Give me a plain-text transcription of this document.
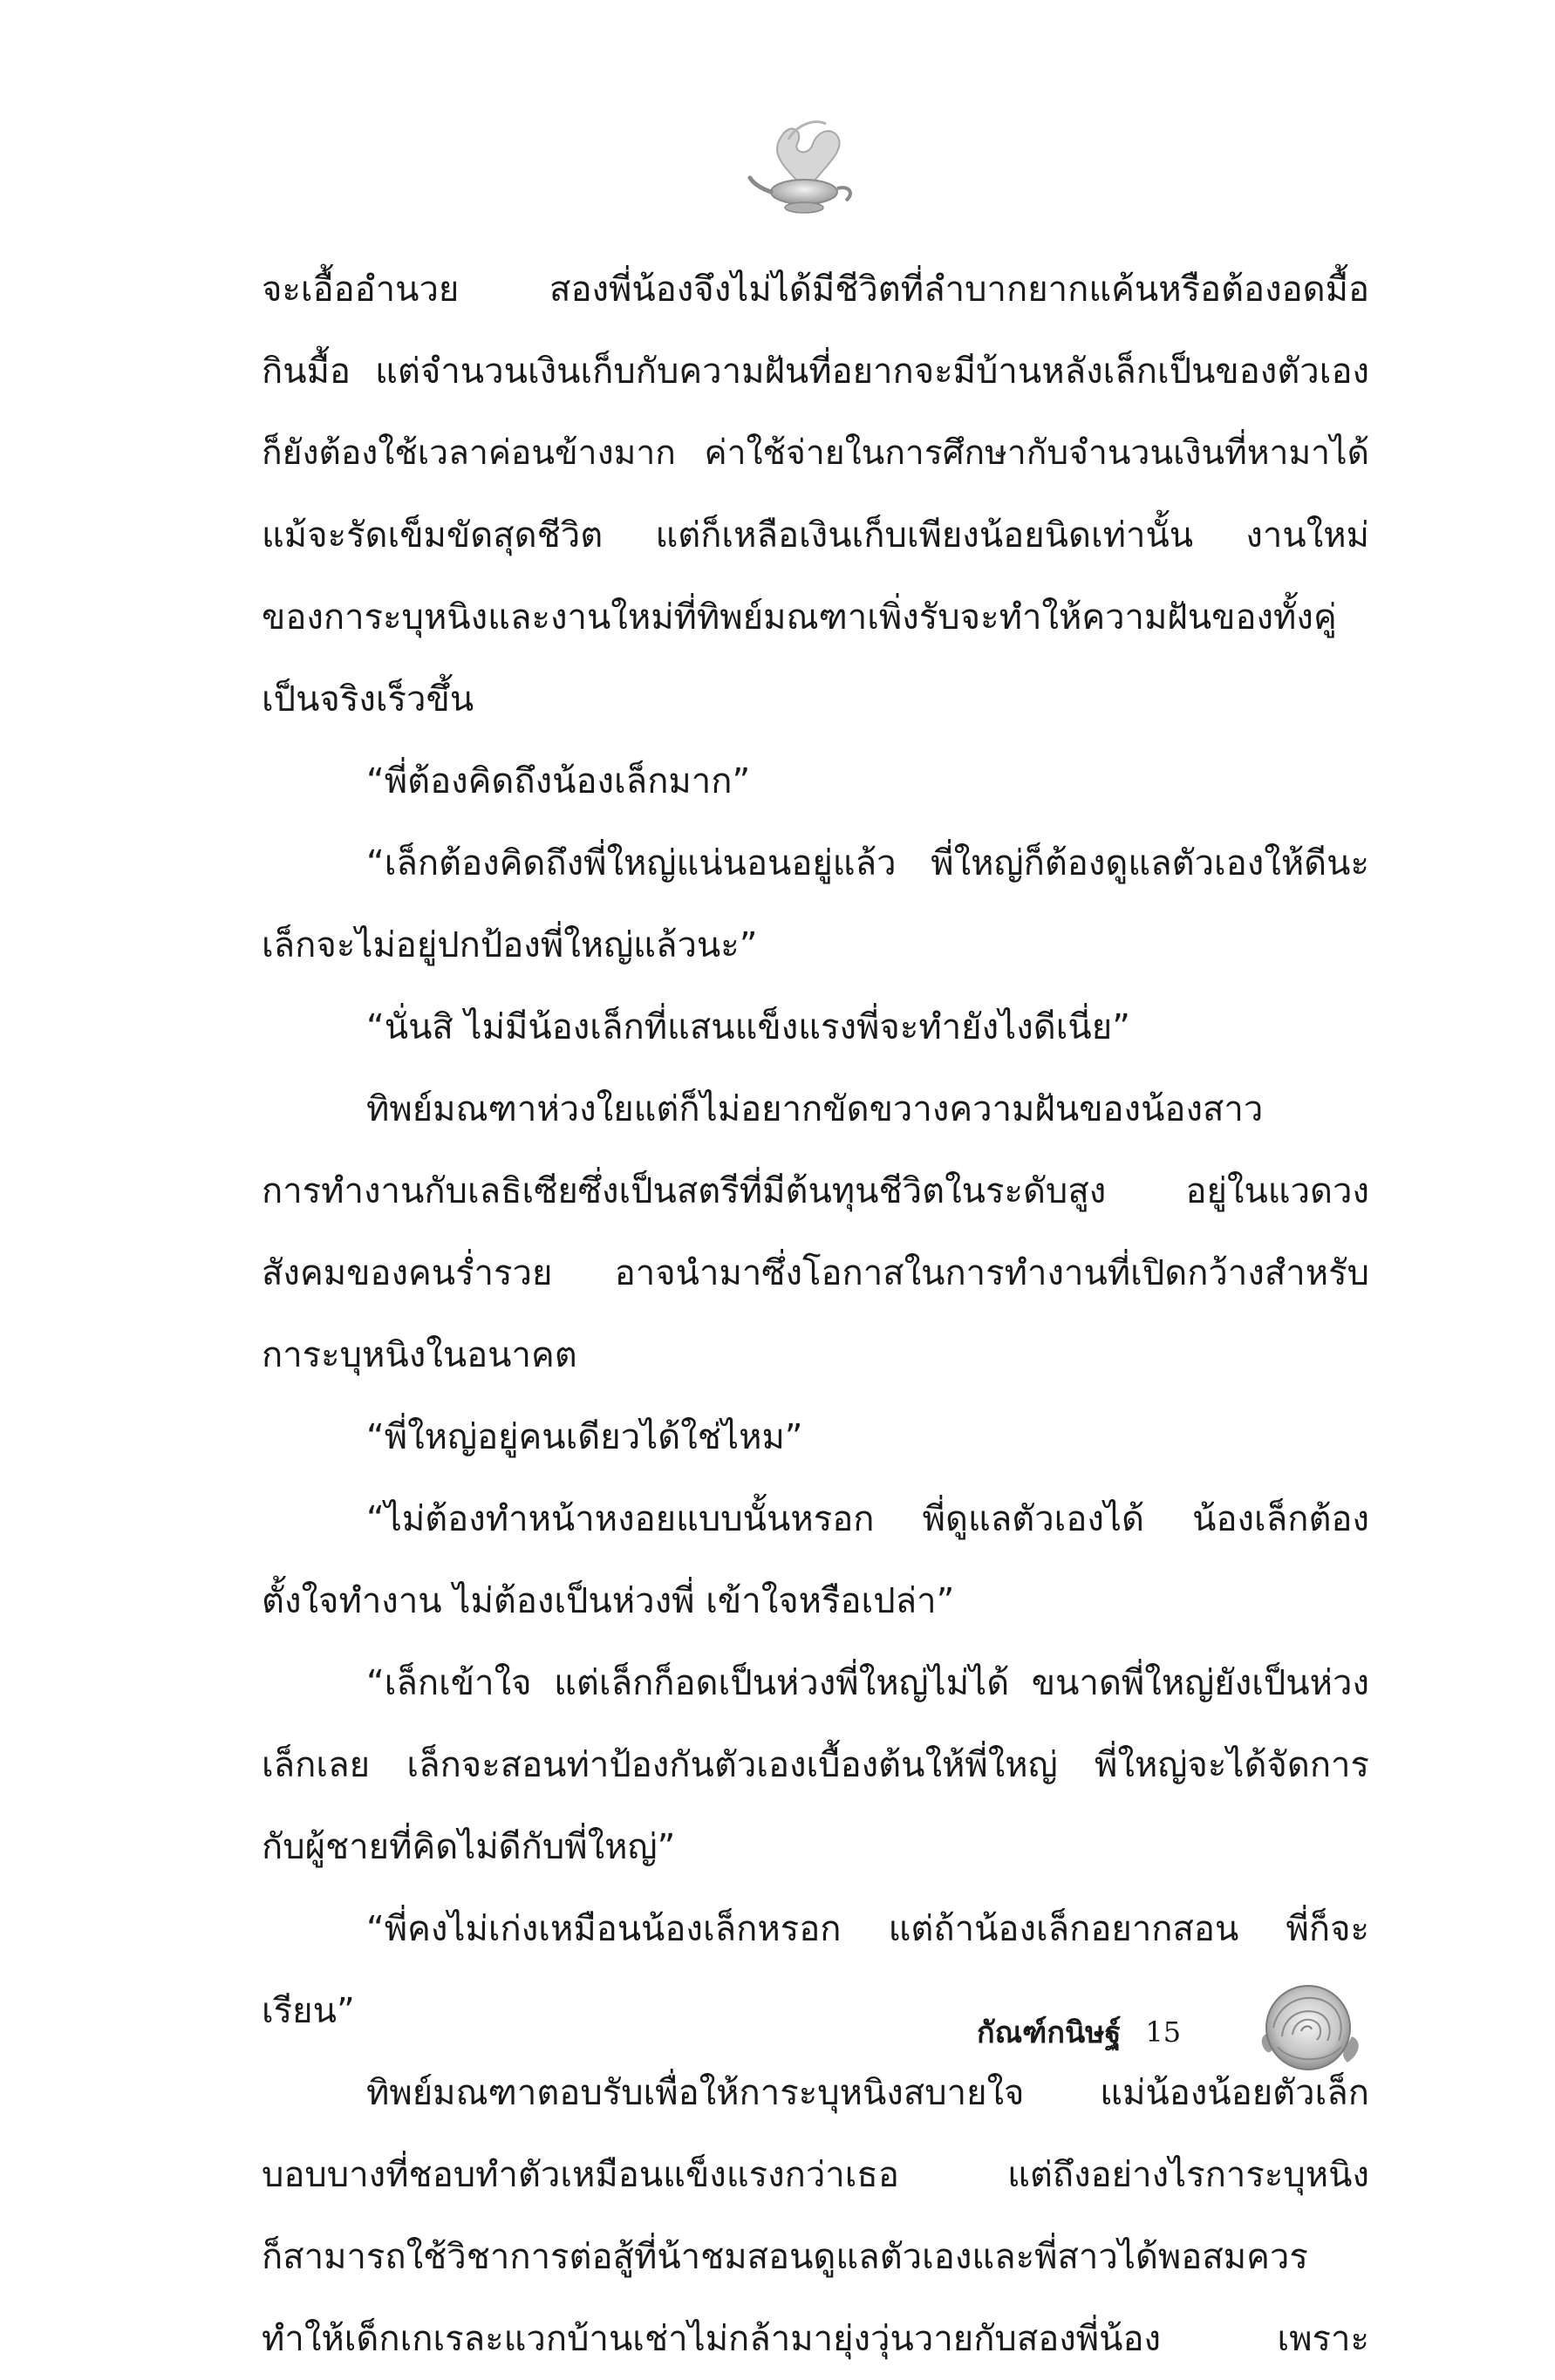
จะเอื้ออำนวย สองพี่น้องจึงไม่ได้มีชีวิตที่ลำบากยากแค้นหรือต้องอดมื้อ
กินมื้อ แต่จำนวนเงินเก็บกับความฝันที่อยากจะมีบ้านหลังเล็กเป็นของตัวเอง
ก็ยังต้องใช้เวลาค่อนข้างมาก ค่าใช้จ่ายในการศึกษากับจำนวนเงินที่หามาได้
แม้จะรัดเข็มขัดสุดชีวิต แต่ก็เหลือเงินเก็บเพียงน้อยนิดเท่านั้น งานใหม่
ของการะบุหนิงและงานใหม่ที่ทิพย์มณฑาเพิ่งรับจะทำให้ความฝันของทั้งคู่
เป็นจริงเร็วขึ้น
“พี่ต้องคิดถึงน้องเล็กมาก”
“เล็กต้องคิดถึงพี่ใหญ่แน่นอนอยู่แล้ว พี่ใหญ่ก็ต้องดูแลตัวเองให้ดีนะ
เล็กจะไม่อยู่ปกป้องพี่ใหญ่แล้วนะ”
“นั่นสิ ไม่มีน้องเล็กที่แสนแข็งแรงพี่จะทำยังไงดีเนี่ย”
ทิพย์มณฑาห่วงใยแต่ก็ไม่อยากขัดขวางความฝันของน้องสาว
การทำงานกับเลธิเซียซึ่งเป็นสตรีที่มีต้นทุนชีวิตในระดับสูง อยู่ในแวดวง
สังคมของคนร่ำรวย อาจนำมาซึ่งโอกาสในการทำงานที่เปิดกว้างสำหรับ
การะบุหนิงในอนาคต
“พี่ใหญ่อยู่คนเดียวได้ใช่ไหม”
“ไม่ต้องทำหน้าหงอยแบบนั้นหรอก พี่ดูแลตัวเองได้ น้องเล็กต้อง
ตั้งใจทำงาน ไม่ต้องเป็นห่วงพี่ เข้าใจหรือเปล่า”
“เล็กเข้าใจ แต่เล็กก็อดเป็นห่วงพี่ใหญ่ไม่ได้ ขนาดพี่ใหญ่ยังเป็นห่วง
เล็กเลย เล็กจะสอนท่าป้องกันตัวเองเบื้องต้นให้พี่ใหญ่ พี่ใหญ่จะได้จัดการ
กับผู้ชายที่คิดไม่ดีกับพี่ใหญ่”
“พี่คงไม่เก่งเหมือนน้องเล็กหรอก แต่ถ้าน้องเล็กอยากสอน พี่ก็จะ
เรียน”
ทิพย์มณฑาตอบรับเพื่อให้การะบุหนิงสบายใจ แม่น้องน้อยตัวเล็ก
บอบบางที่ชอบทำตัวเหมือนแข็งแรงกว่าเธอ แต่ถึงอย่างไรการะบุหนิง
ก็สามารถใช้วิชาการต่อสู้ที่น้าชมสอนดูแลตัวเองและพี่สาวได้พอสมควร
ทำให้เด็กเกเรละแวกบ้านเช่าไม่กล้ามายุ่งวุ่นวายกับสองพี่น้อง เพราะ
กัณฑ์กนิษฐ์ 15
